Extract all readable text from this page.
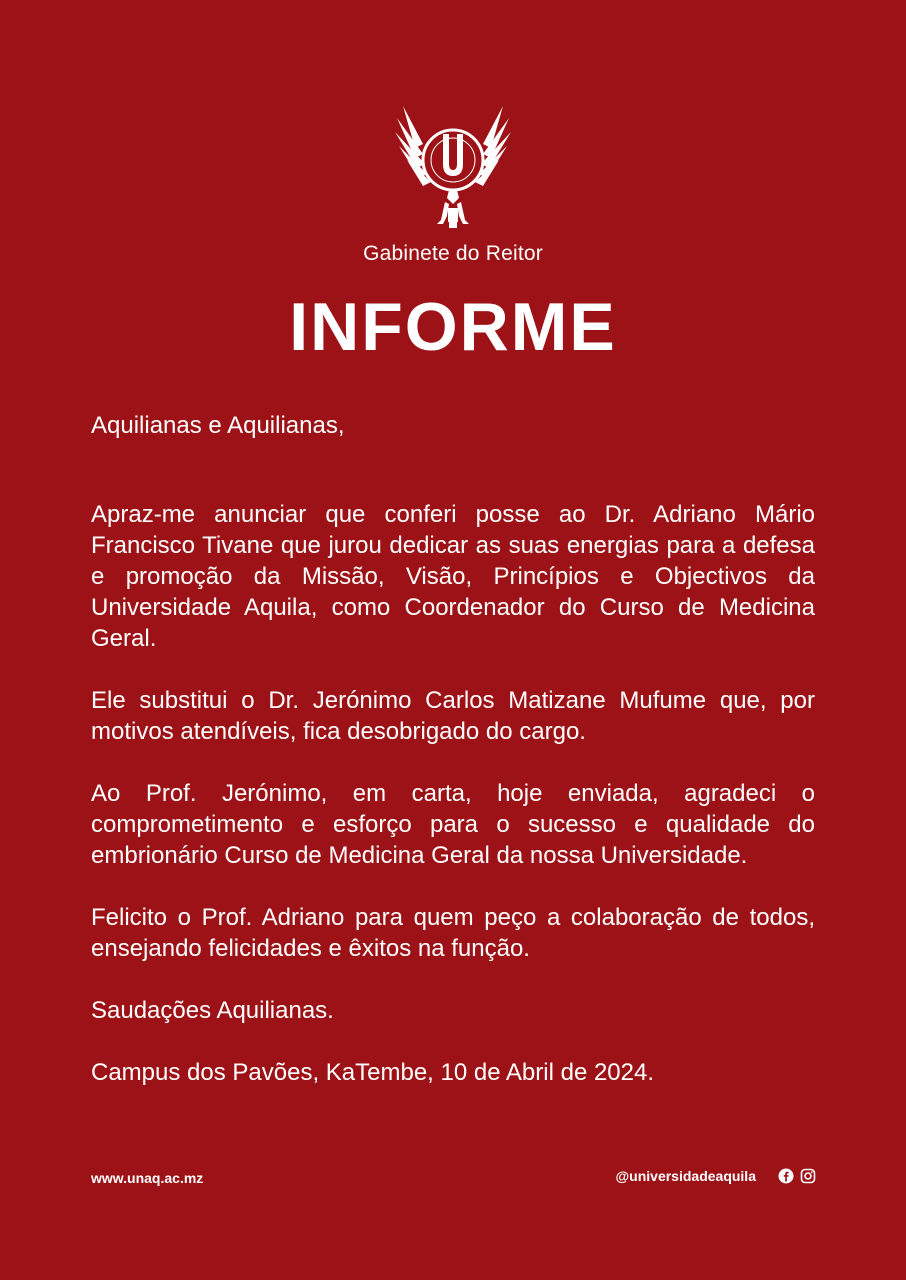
Gabinete do Reitor
INFORME

Aquilianas e Aquilianas,

Apraz-me anunciar que conferi posse ao Dr. Adriano Mário Francisco Tivane que jurou dedicar as suas energias para a defesa e promoção da Missão, Visão, Princípios e Objectivos da Universidade Aquila, como Coordenador do Curso de Medicina Geral.

Ele substitui o Dr. Jerónimo Carlos Matizane Mufume que, por motivos atendíveis, fica desobrigado do cargo.

Ao Prof. Jerónimo, em carta, hoje enviada, agradeci o comprometimento e esforço para o sucesso e qualidade do embrionário Curso de Medicina Geral da nossa Universidade.

Felicito o Prof. Adriano para quem peço a colaboração de todos, ensejando felicidades e êxitos na função.

Saudações Aquilianas.

Campus dos Pavões, KaTembe, 10 de Abril de 2024.

www.unaq.ac.mz	@universidadeaquila
